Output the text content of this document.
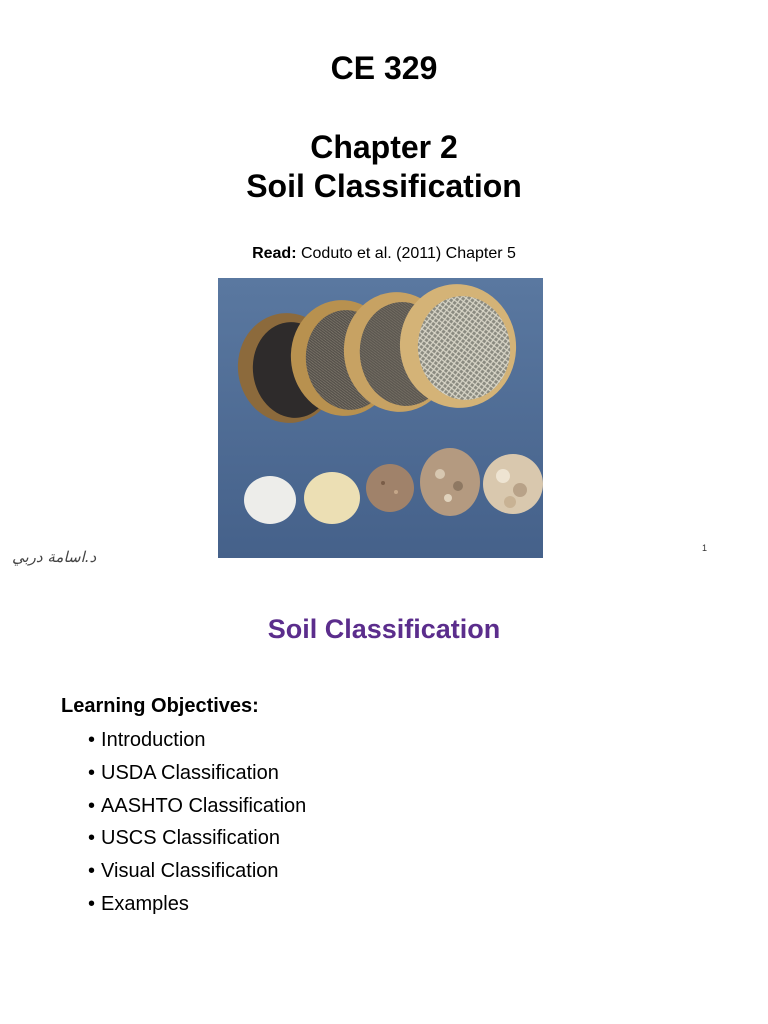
CE 329
Chapter 2
Soil Classification
Read: Coduto et al. (2011) Chapter 5
د.اسامة دربي	1
Soil Classification
Learning Objectives:
• Introduction
• USDA Classification
• AASHTO Classification
• USCS Classification
• Visual Classification
• Examples
